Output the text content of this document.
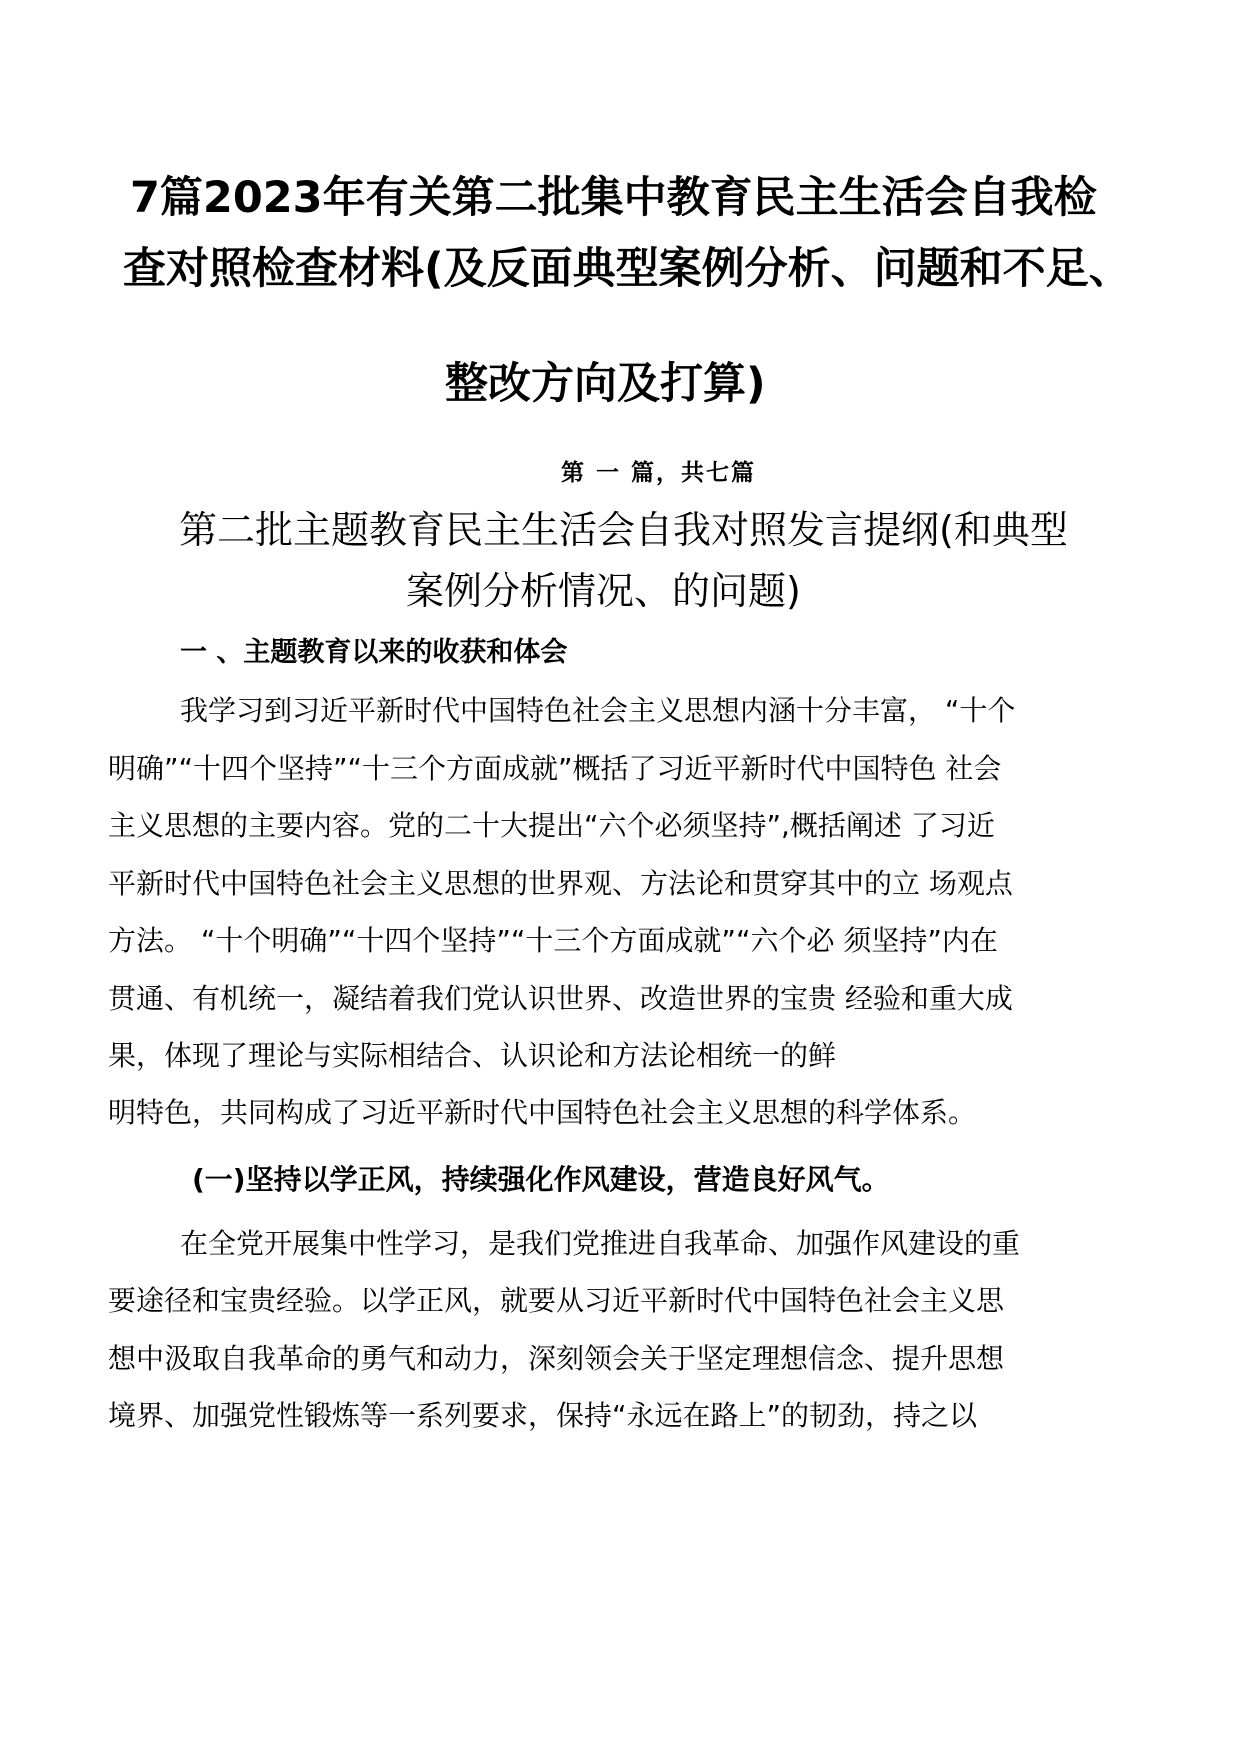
7篇2023年有关第二批集中教育民主生活会自我检
查对照检查材料(及反面典型案例分析、问题和不足、
整改方向及打算)
第 一 篇，共七篇
第二批主题教育民主生活会自我对照发言提纲(和典型
案例分析情况、的问题)
一 、主题教育以来的收获和体会

我学习到习近平新时代中国特色社会主义思想内涵十分丰富， “十个

明确”“十四个坚持”“十三个方面成就”概括了习近平新时代中国特色 社会

主义思想的主要内容。党的二十大提出“六个必须坚持”,概括阐述 了习近

平新时代中国特色社会主义思想的世界观、方法论和贯穿其中的立 场观点

方法。 “十个明确”“十四个坚持”“十三个方面成就”“六个必 须坚持”内在

贯通、有机统一，凝结着我们党认识世界、改造世界的宝贵 经验和重大成

果，体现了理论与实际相结合、认识论和方法论相统一的鲜

明特色，共同构成了习近平新时代中国特色社会主义思想的科学体系。

(一)坚持以学正风，持续强化作风建设，营造良好风气。

在全党开展集中性学习，是我们党推进自我革命、加强作风建设的重

要途径和宝贵经验。以学正风，就要从习近平新时代中国特色社会主义思

想中汲取自我革命的勇气和动力，深刻领会关于坚定理想信念、提升思想

境界、加强党性锻炼等一系列要求，保持“永远在路上”的韧劲，持之以
